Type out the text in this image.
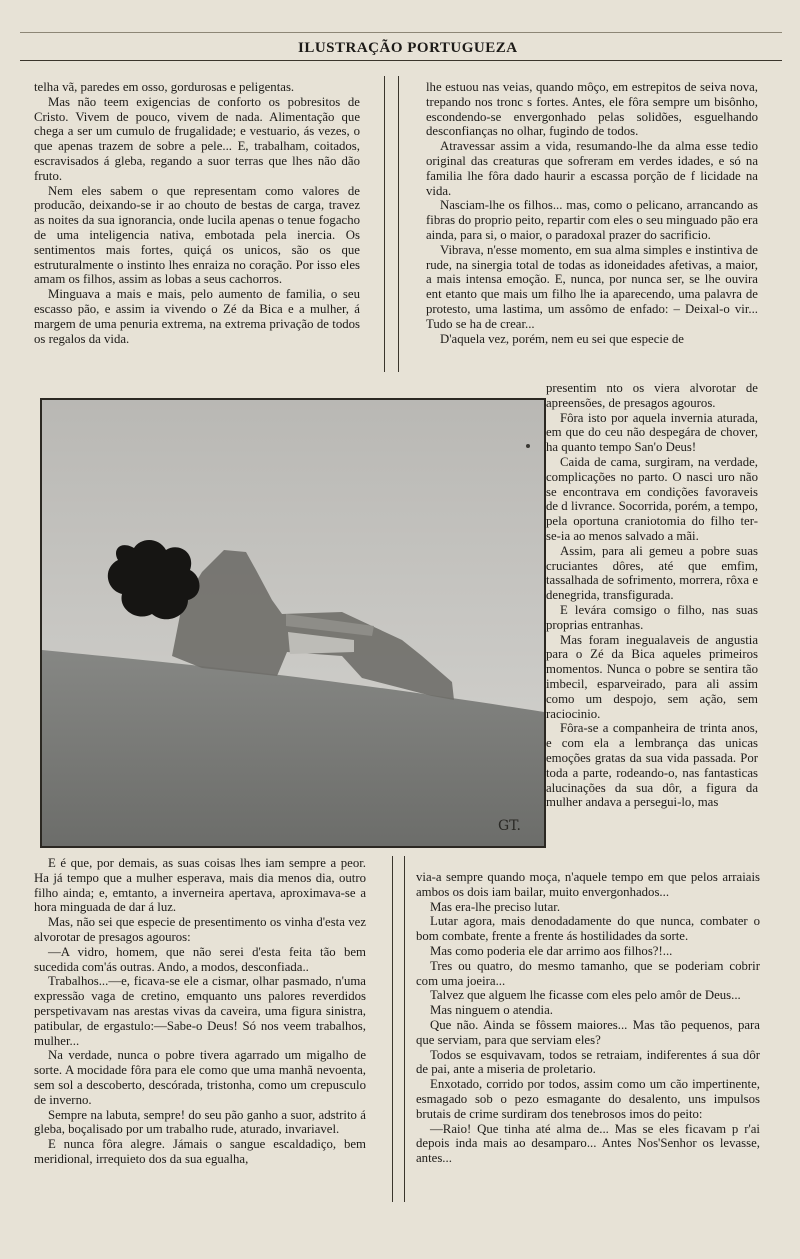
ILUSTRAÇÃO PORTUGUEZA

telha vã, paredes em osso, gordurosas e peligentas.

Mas não teem exigencias de conforto os pobresitos de Cristo. Vivem de pouco, vivem de nada. Alimentação que chega a ser um cumulo de frugalidade; e vestuario, ás vezes, o que apenas trazem de sobre a pele... E, trabalham, coitados, escravisados á gleba, regando a suor terras que lhes não dão fruto.

Nem eles sabem o que representam como valores de producão, deixando-se ir ao chouto de bestas de carga, travez as noites da sua ignorancia, onde lucila apenas o tenue fogacho de uma inteligencia nativa, embotada pela inercia. Os sentimentos mais fortes, quiçá os unicos, são os que estruturalmente o instinto lhes enraiza no coração. Por isso eles amam os filhos, assim as lobas a seus cachorros.

Minguava a mais e mais, pelo aumento de familia, o seu escasso pão, e assim ia vivendo o Zé da Bica e a mulher, á margem de uma penuria extrema, na extrema privação de todos os regalos da vida.

lhe estuou nas veias, quando môço, em estrepitos de seiva nova, trepando nos tronc s fortes. Antes, ele fôra sempre um bisônho, escondendo-se envergonhado pelas solidões, esguelhando desconfianças no olhar, fugindo de todos.

Atravessar assim a vida, resumando-lhe da alma esse tedio original das creaturas que sofreram em verdes idades, e só na familia lhe fôra dado haurir a escassa porção de f licidade na vida.

Nasciam-lhe os filhos... mas, como o pelicano, arrancando as fibras do proprio peito, repartir com eles o seu minguado pão era ainda, para si, o maior, o paradoxal prazer do sacrificio.

Vibrava, n'esse momento, em sua alma simples e instintiva de rude, na sinergia total de todas as idoneidades afetivas, a maior, a mais intensa emoção. E, nunca, por nunca ser, se lhe ouvira ent etanto que mais um filho lhe ia aparecendo, uma palavra de protesto, uma lastima, um assômo de enfado: – Deixal-o vir... Tudo se ha de crear...

D'aquela vez, porém, nem eu sei que especie de

GT.

presentim nto os viera alvorotar de apreensões, de presagos agouros.

Fôra isto por aquela invernia aturada, em que do ceu não despegára de chover, ha quanto tempo San'o Deus!

Caida de cama, surgiram, na verdade, complicações no parto. O nasci uro não se encontrava em condições favoraveis de d livrance. Socorrida, porém, a tempo, pela oportuna craniotomia do filho ter-se-ia ao menos salvado a mãi.

Assim, para ali gemeu a pobre suas cruciantes dôres, até que emfim, tassalhada de sofrimento, morrera, rôxa e denegrida, transfigurada.

E levára comsigo o filho, nas suas proprias entranhas.

Mas foram inegualaveis de angustia para o Zé da Bica aqueles primeiros momentos. Nunca o pobre se sentira tão imbecil, esparveirado, para ali assim como um despojo, sem ação, sem raciocinio.

Fôra-se a companheira de trinta anos, e com ela a lembrança das unicas emoções gratas da sua vida passada. Por toda a parte, rodeando-o, nas fantasticas alucinações da sua dôr, a figura da mulher andava a persegui-lo, mas

E é que, por demais, as suas coisas lhes iam sempre a peor. Ha já tempo que a mulher esperava, mais dia menos dia, outro filho ainda; e, emtanto, a inverneira apertava, aproximava-se a hora minguada de dar á luz.

Mas, não sei que especie de presentimento os vinha d'esta vez alvorotar de presagos agouros:

—A vidro, homem, que não serei d'esta feita tão bem sucedida com'ás outras. Ando, a modos, desconfiada..

Trabalhos...—e, ficava-se ele a cismar, olhar pasmado, n'uma expressão vaga de cretino, emquanto uns palores reverdidos perspetivavam nas arestas vivas da caveira, uma figura sinistra, patibular, de ergastulo:—Sabe-o Deus! Só nos veem trabalhos, mulher...

Na verdade, nunca o pobre tivera agarrado um migalho de sorte. A mocidade fôra para ele como que uma manhã nevoenta, sem sol a descoberto, descórada, tristonha, como um crepusculo de inverno.

Sempre na labuta, sempre! do seu pão ganho a suor, adstrito á gleba, boçalisado por um trabalho rude, aturado, invariavel.

E nunca fôra alegre. Jámais o sangue escaldadiço, bem meridional, irrequieto dos da sua egualha,

via-a sempre quando moça, n'aquele tempo em que pelos arraiais ambos os dois iam bailar, muito envergonhados...

Mas era-lhe preciso lutar.

Lutar agora, mais denodadamente do que nunca, combater o bom combate, frente a frente ás hostilidades da sorte.

Mas como poderia ele dar arrimo aos filhos?!...

Tres ou quatro, do mesmo tamanho, que se poderiam cobrir com uma joeira...

Talvez que alguem lhe ficasse com eles pelo amôr de Deus...

Mas ninguem o atendia.

Que não. Ainda se fôssem maiores... Mas tão pequenos, para que serviam, para que serviam eles?

Todos se esquivavam, todos se retraiam, indiferentes á sua dôr de pai, ante a miseria de proletario.

Enxotado, corrido por todos, assim como um cão impertinente, esmagado sob o pezo esmagante do desalento, uns impulsos brutais de crime surdiram dos tenebrosos imos do peito:

—Raio! Que tinha até alma de... Mas se eles ficavam p r'ai depois inda mais ao desamparo... Antes Nos'Senhor os levasse, antes...
